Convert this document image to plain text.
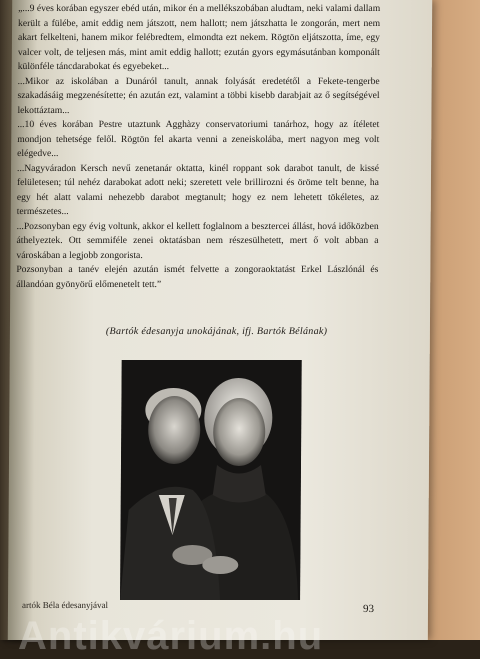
„...9 éves korában egyszer ebéd után, mikor én a mellékszobában aludtam, neki valami dallam került a fülébe, amit eddig nem játszott, nem hallott; nem játszhatta le zongorán, mert nem akart felkelteni, hanem mikor felébredtem, elmondta ezt nekem. Rögtön eljátszotta, íme, egy valcer volt, de teljesen más, mint amit eddig hallott; ezután gyors egymásutánban komponált különféle táncdarabokat és egyebeket...

...Mikor az iskolában a Dunáról tanult, annak folyását eredetétől a Fekete-tengerbe szakadásáig megzenésítette; én azután ezt, valamint a többi kisebb darabjait az ő segítségével lekottáztam...

...10 éves korában Pestre utaztunk Agghàzy conservatoriumi tanárhoz, hogy az ítéletet mondjon tehetsége felől. Rögtön fel akarta venni a zeneiskolába, mert nagyon meg volt elégedve...

...Nagyváradon Kersch nevű zenetanár oktatta, kinél roppant sok darabot tanult, de kissé felületesen; túl nehéz darabokat adott neki; szeretett vele brillirozni és öröme telt benne, ha egy hét alatt valami nehezebb darabot megtanult; hogy ez nem lehetett tökéletes, az természetes...

...Pozsonyban egy évig voltunk, akkor el kellett foglalnom a besztercei állást, hová időközben áthelyeztek. Ott semmiféle zenei oktatásban nem részesülhetett, mert ő volt abban a városkában a legjobb zongorista.

Pozsonyban a tanév elején azután ismét felvette a zongoraoktatást Erkel Lászlónál és állandóan gyönyörű előmenetelt tett.”

(Bartók édesanyja unokájának, ifj. Bartók Bélának)
artók Béla édesanyjával	93
Antikvárium.hu
